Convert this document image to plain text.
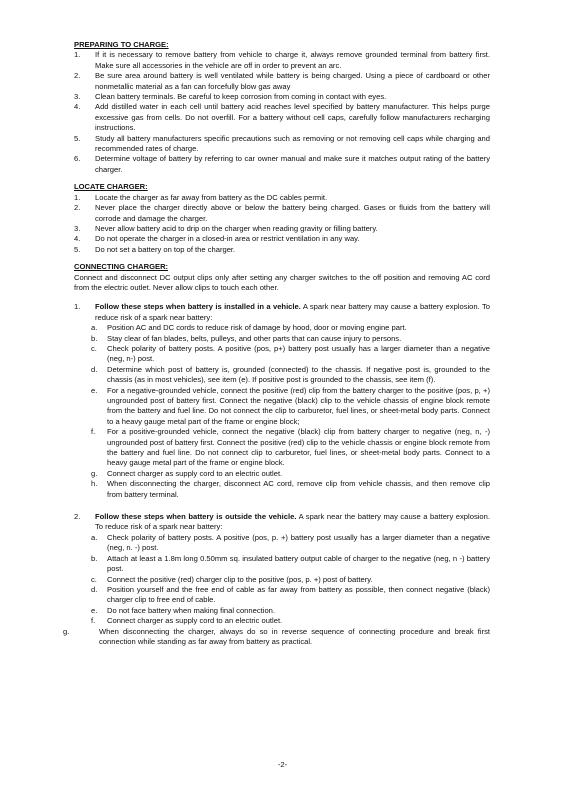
PREPARING TO CHARGE:

1.	If it is necessary to remove battery from vehicle to charge it, always remove grounded terminal from battery first. Make sure all accessories in the vehicle are off in order to prevent an arc.
2.	Be sure area around battery is well ventilated while battery is being charged. Using a piece of cardboard or other nonmetallic material as a fan can forcefully blow gas away
3.	Clean battery terminals. Be careful to keep corrosion from coming in contact with eyes.
4.	Add distilled water in each cell until battery acid reaches level specified by battery manufacturer. This helps purge excessive gas from cells. Do not overfill. For a battery without cell caps, carefully follow manufacturers recharging instructions.
5.	Study all battery manufacturers specific precautions such as removing or not removing cell caps while charging and recommended rates of charge.
6.	Determine voltage of battery by referring to car owner manual and make sure it matches output rating of the battery charger.

LOCATE CHARGER:

1.	Locate the charger as far away from battery as the DC cables permit.
2.	Never place the charger directly above or below the battery being charged. Gases or fluids from the battery will corrode and damage the charger.
3.	Never allow battery acid to drip on the charger when reading gravity or filling battery.
4.	Do not operate the charger in a closed-in area or restrict ventilation in any way.
5.	Do not set a battery on top of the charger.

CONNECTING CHARGER:

Connect and disconnect DC output clips only after setting any charger switches to the off position and removing AC cord from the electric outlet. Never allow clips to touch each other.

1.	Follow these steps when battery is installed in a vehicle. A spark near battery may cause a battery explosion. To reduce risk of a spark near battery:
a.	Position AC and DC cords to reduce risk of damage by hood, door or moving engine part.
b.	Stay clear of fan blades, belts, pulleys, and other parts that can cause injury to persons.
c.	Check polarity of battery posts. A positive (pos, p+) battery post usually has a larger diameter than a negative (neg, n-) post.
d.	Determine which post of battery is, grounded (connected) to the chassis. If negative post is, grounded to the chassis (as in most vehicles), see item (e). If positive post is grounded to the chassis, see item (f).
e.	For a negative-grounded vehicle, connect the positive (red) clip from the battery charger to the positive (pos, p, +) ungrounded post of battery first. Connect the negative (black) clip to the vehicle chassis of engine block remote from the battery and fuel line. Do not connect the clip to carburetor, fuel lines, or sheet-metal body parts. Connect to a heavy gauge metal part of the frame or engine block;
f.	For a positive-grounded vehicle, connect the negative (black) clip from battery charger to negative (neg, n, -) ungrounded post of battery first. Connect the positive (red) clip to the vehicle chassis or engine block remote from the battery and fuel line. Do not connect clip to carburetor, fuel lines, or sheet-metal body parts. Connect to a heavy gauge metal part of the frame or engine block.
g.	Connect charger as supply cord to an electric outlet.
h.	When disconnecting the charger, disconnect AC cord, remove clip from vehicle chassis, and then remove clip from battery terminal.
2.	Follow these steps when battery is outside the vehicle. A spark near the battery may cause a battery explosion. To reduce risk of a spark near battery:
a.	Check polarity of battery posts. A positive (pos, p. +) battery post usually has a larger diameter than a negative (neg, n. -) post.
b.	Attach at least a 1.8m long 0.50mm sq. insulated battery output cable of charger to the negative (neg, n -) battery post.
c.	Connect the positive (red) charger clip to the positive (pos, p. +) post of battery.
d.	Position yourself and the free end of cable as far away from battery as possible, then connect negative (black) charger clip to free end of cable.
e.	Do not face battery when making final connection.
f.	Connect charger as supply cord to an electric outlet.
g.	When disconnecting the charger, always do so in reverse sequence of connecting procedure and break first connection while standing as far away from battery as practical.
-2-
